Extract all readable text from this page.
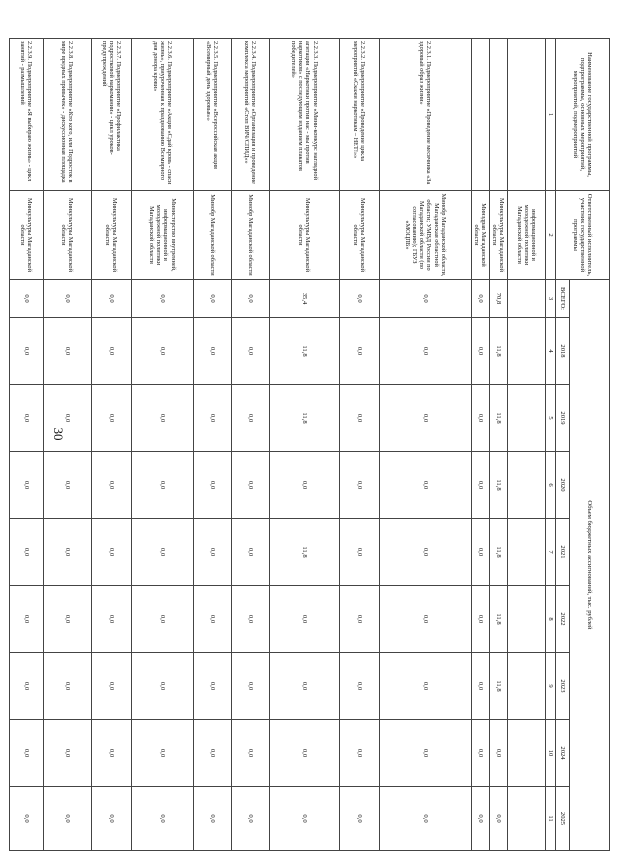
30
Наименование государственной программы, подпрограммы, основных мероприятий, мероприятий, подмероприятий	Ответственный исполнитель, участник государственной программы	Объем бюджетных ассигнований, тыс. рублей								
		ВСЕГО:	2018	2019	2020	2021	2022	2023	2024	2025
1	2	3	4	5	6	7	8	9	10	11
	информационной и молодежной политики Магаданской области									
	Минкультуры Магаданской области	70,8	11,8	11,8	11,8	11,8	11,8	11,8	0,0	0,0
	Минздрав Магаданской области	0,0	0,0	0,0	0,0	0,0	0,0	0,0	0,0	0,0
2.2.3.1. Подмероприятие «Проведение месячника «За здоровый образ жизни»	Минобр Магаданской области, Магаданская областной области; УМВД России по Магаданской области (по согласованию); ГБУЗ «МОЦПБ»	0,0	0,0	0,0	0,0	0,0	0,0	0,0	0,0	0,0
2.2.3.2. Подмероприятие «Проведение цикла мероприятий «Скажи наркотикам – НЕТ!»»	Минкультуры Магаданской области	0,0	0,0	0,0	0,0	0,0	0,0	0,0	0,0	0,0
2.2.3.3. Подмероприятие «Мини-конкурс наглядной агитации «Наркотики против нас - мы против наркотиков» с последующим изданием плакатов победителей»	Минкультуры Магаданской области	35,4	11,8	11,8	0,0	11,8	0,0	0,0	0,0	0,0
2.2.3.4. Подмероприятие «Организация и проведение комплекса мероприятий «Стоп ВИЧ/СПИД»»	Минобр Магаданской области	0,0	0,0	0,0	0,0	0,0	0,0	0,0	0,0	0,0
2.2.3.5. Подмероприятие «Всероссийская акция «Всемирный день здоровья»»	Минобр Магаданской области	0,0	0,0	0,0	0,0	0,0	0,0	0,0	0,0	0,0
2.2.3.6. Подмероприятие «Акция «Сдай кровь - спаси жизнь», приуроченная к празднованию Всемирного дня донора крови»	Министерство внутренней, информационной и молодежной политики Магаданской области	0,0	0,0	0,0	0,0	0,0	0,0	0,0	0,0	0,0
2.2.3.7. Подмероприятие «Профилактика подростковой наркомании» - цикл уроков-предупреждений	Минкультуры Магаданской области	0,0	0,0	0,0	0,0	0,0	0,0	0,0	0,0	0,0
2.2.3.8. Подмероприятие «Кто кого, или Подросток в мире вредных привычек» - дискуссионная площадка	Минкультуры Магаданской области	0,0	0,0	0,0	0,0	0,0	0,0	0,0	0,0	0,0
2.2.3.9. Подмероприятие «Я выбираю жизнь» - цикл занятий - размышлений	Минкультуры Магаданской области	0,0	0,0	0,0	0,0	0,0	0,0	0,0	0,0	0,0
